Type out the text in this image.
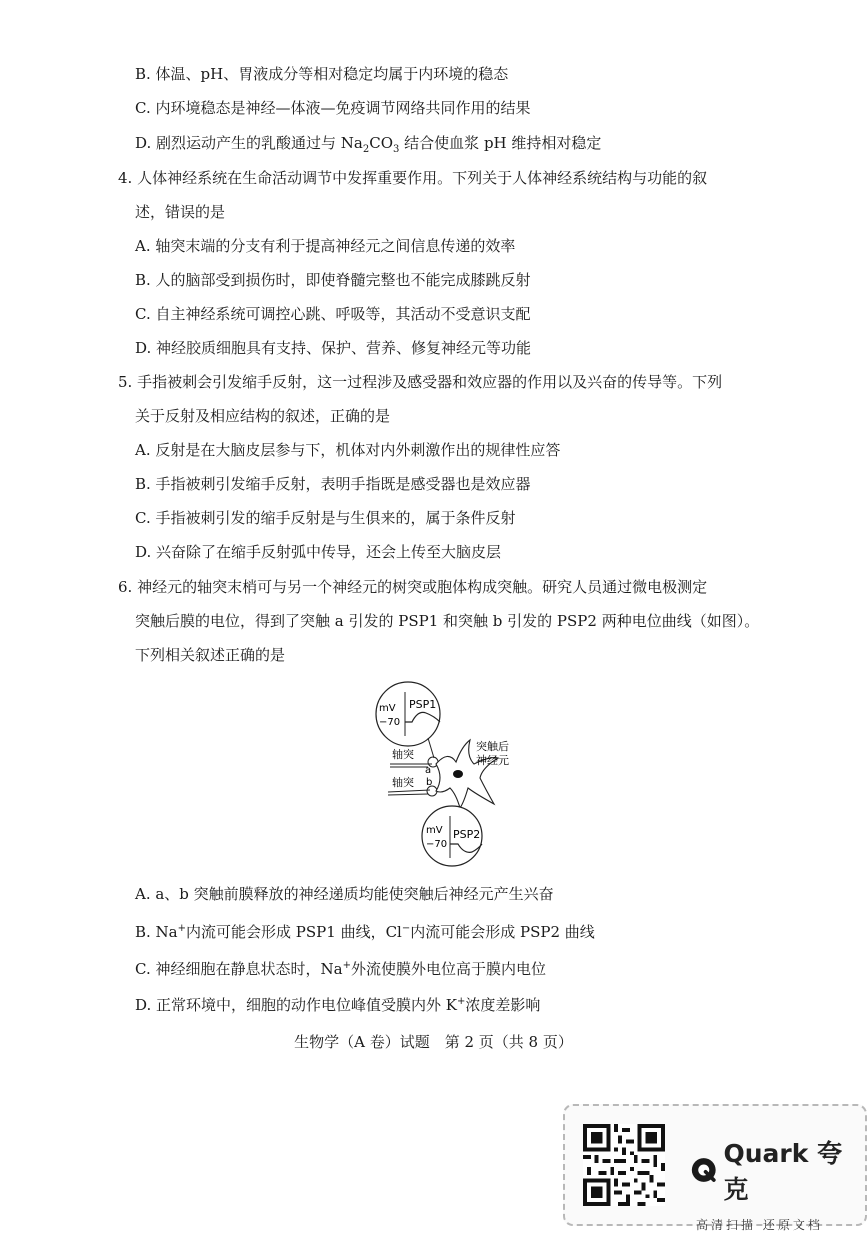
B. 体温、pH、胃液成分等相对稳定均属于内环境的稳态
C. 内环境稳态是神经—体液—免疫调节网络共同作用的结果
D. 剧烈运动产生的乳酸通过与 $Na_2CO_3$ 结合使血浆 pH 维持相对稳定
4. 人体神经系统在生命活动调节中发挥重要作用。下列关于人体神经系统结构与功能的叙
述，错误的是
A. 轴突末端的分支有利于提高神经元之间信息传递的效率
B. 人的脑部受到损伤时，即使脊髓完整也不能完成膝跳反射
C. 自主神经系统可调控心跳、呼吸等，其活动不受意识支配
D. 神经胶质细胞具有支持、保护、营养、修复神经元等功能
5. 手指被刺会引发缩手反射，这一过程涉及感受器和效应器的作用以及兴奋的传导等。下列
关于反射及相应结构的叙述，正确的是
A. 反射是在大脑皮层参与下，机体对内外刺激作出的规律性应答
B. 手指被刺引发缩手反射，表明手指既是感受器也是效应器
C. 手指被刺引发的缩手反射是与生俱来的，属于条件反射
D. 兴奋除了在缩手反射弧中传导，还会上传至大脑皮层
6. 神经元的轴突末梢可与另一个神经元的树突或胞体构成突触。研究人员通过微电极测定
突触后膜的电位，得到了突触 a 引发的 PSP1 和突触 b 引发的 PSP2 两种电位曲线（如图）。
下列相关叙述正确的是
mV
−70
PSP1
轴突
a
轴突 b
突触后
神经元
mV
−70
PSP2
A. a、b 突触前膜释放的神经递质均能使突触后神经元产生兴奋
B. Na+内流可能会形成 PSP1 曲线，Cl−内流可能会形成 PSP2 曲线
C. 神经细胞在静息状态时，Na+外流使膜外电位高于膜内电位
D. 正常环境中，细胞的动作电位峰值受膜内外 K+浓度差影响
生物学（A 卷）试题　第 2 页（共 8 页）
Quark 夸克
高清扫描 还原文档
